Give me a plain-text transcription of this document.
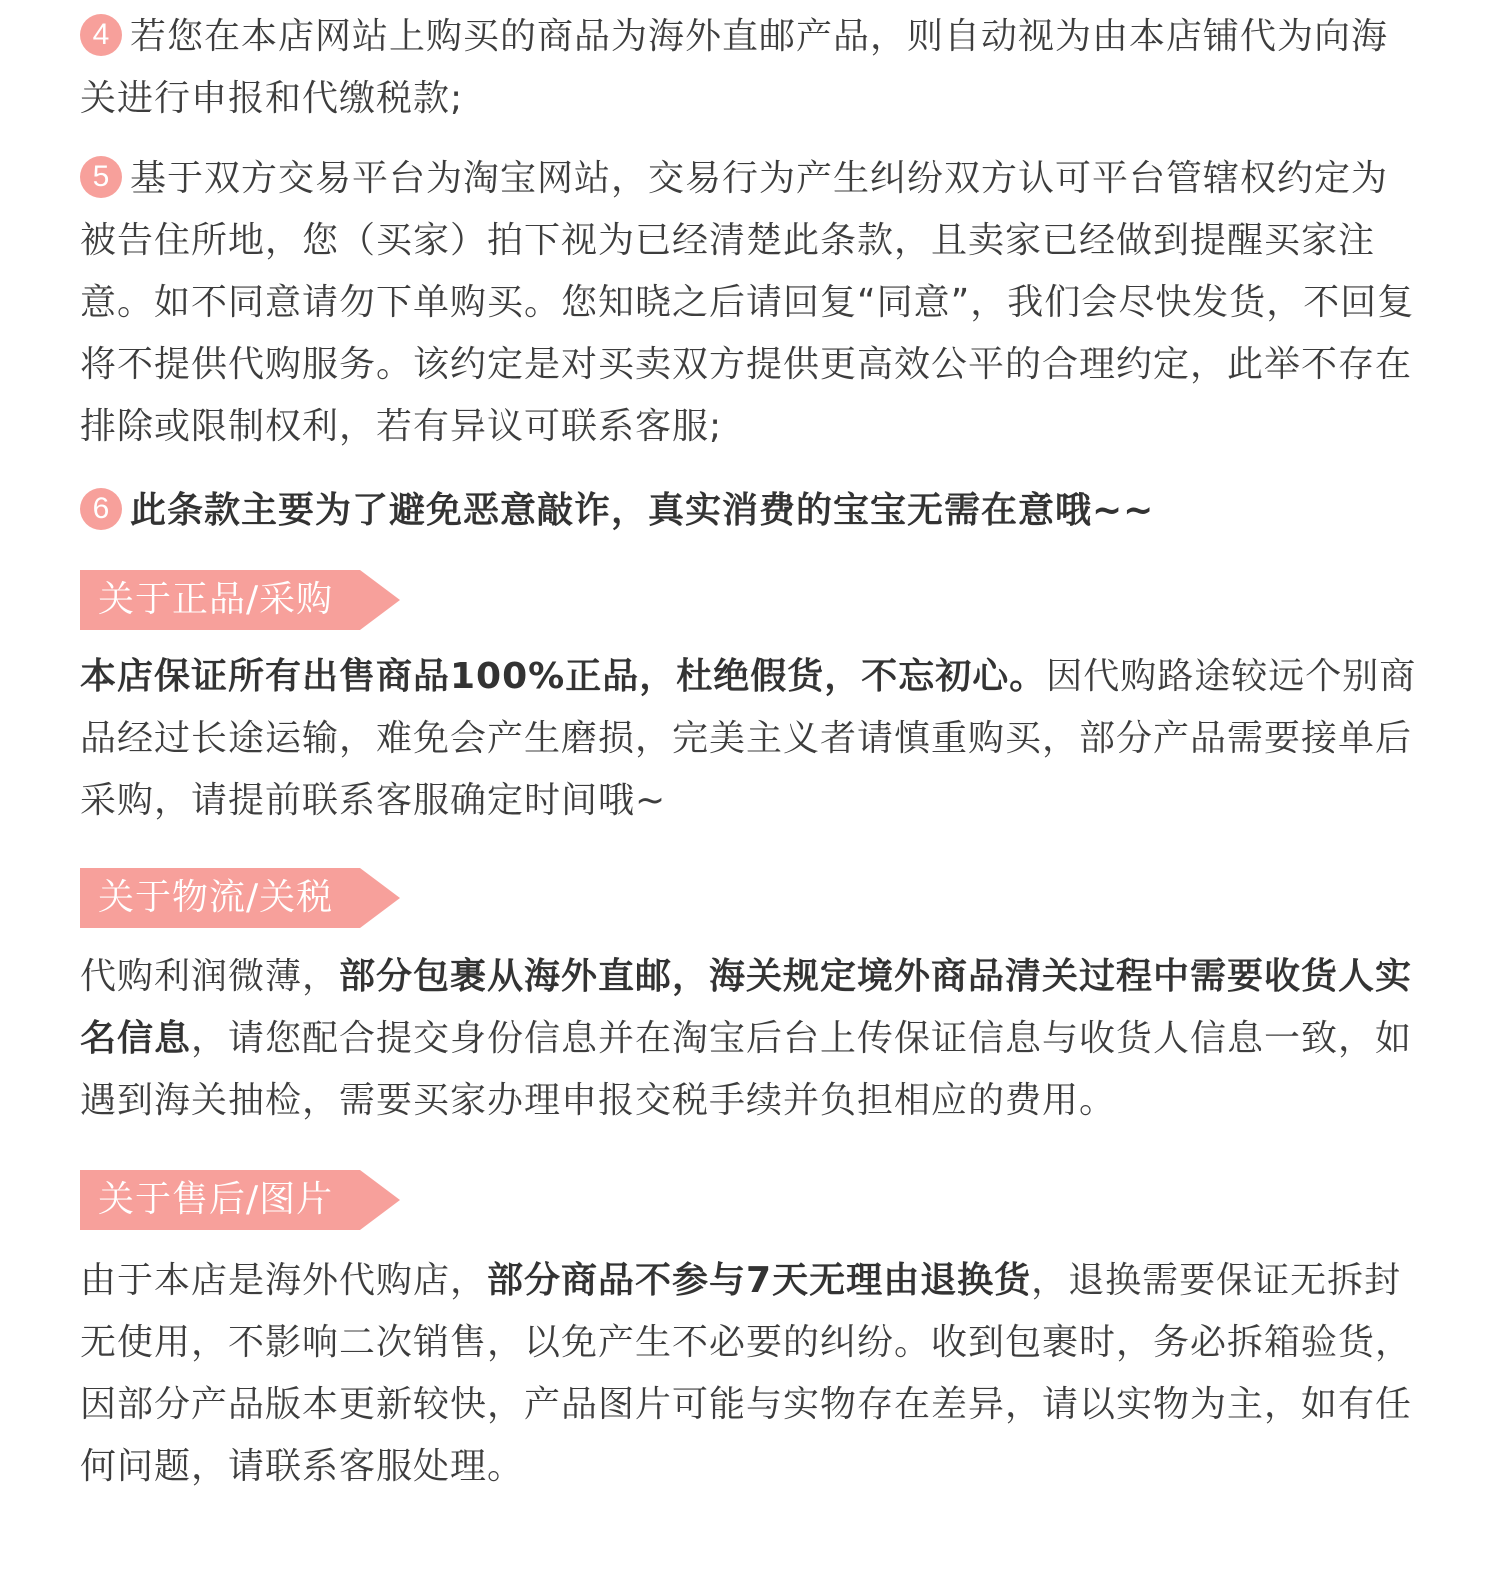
4 若您在本店网站上购买的商品为海外直邮产品，则自动视为由本店铺代为向海关进行申报和代缴税款;
5 基于双方交易平台为淘宝网站，交易行为产生纠纷双方认可平台管辖权约定为被告住所地，您（买家）拍下视为已经清楚此条款，且卖家已经做到提醒买家注意。如不同意请勿下单购买。您知晓之后请回复“同意”，我们会尽快发货，不回复将不提供代购服务。该约定是对买卖双方提供更高效公平的合理约定，此举不存在排除或限制权利，若有异议可联系客服;
6 此条款主要为了避免恶意敲诈，真实消费的宝宝无需在意哦~~
关于正品/采购
本店保证所有出售商品100%正品，杜绝假货，不忘初心。因代购路途较远个别商品经过长途运输，难免会产生磨损，完美主义者请慎重购买，部分产品需要接单后采购，请提前联系客服确定时间哦~
关于物流/关税
代购利润微薄，部分包裹从海外直邮，海关规定境外商品清关过程中需要收货人实名信息，请您配合提交身份信息并在淘宝后台上传保证信息与收货人信息一致，如遇到海关抽检，需要买家办理申报交税手续并负担相应的费用。
关于售后/图片
由于本店是海外代购店，部分商品不参与7天无理由退换货，退换需要保证无拆封无使用，不影响二次销售，以免产生不必要的纠纷。收到包裹时，务必拆箱验货，因部分产品版本更新较快，产品图片可能与实物存在差异，请以实物为主，如有任何问题，请联系客服处理。
